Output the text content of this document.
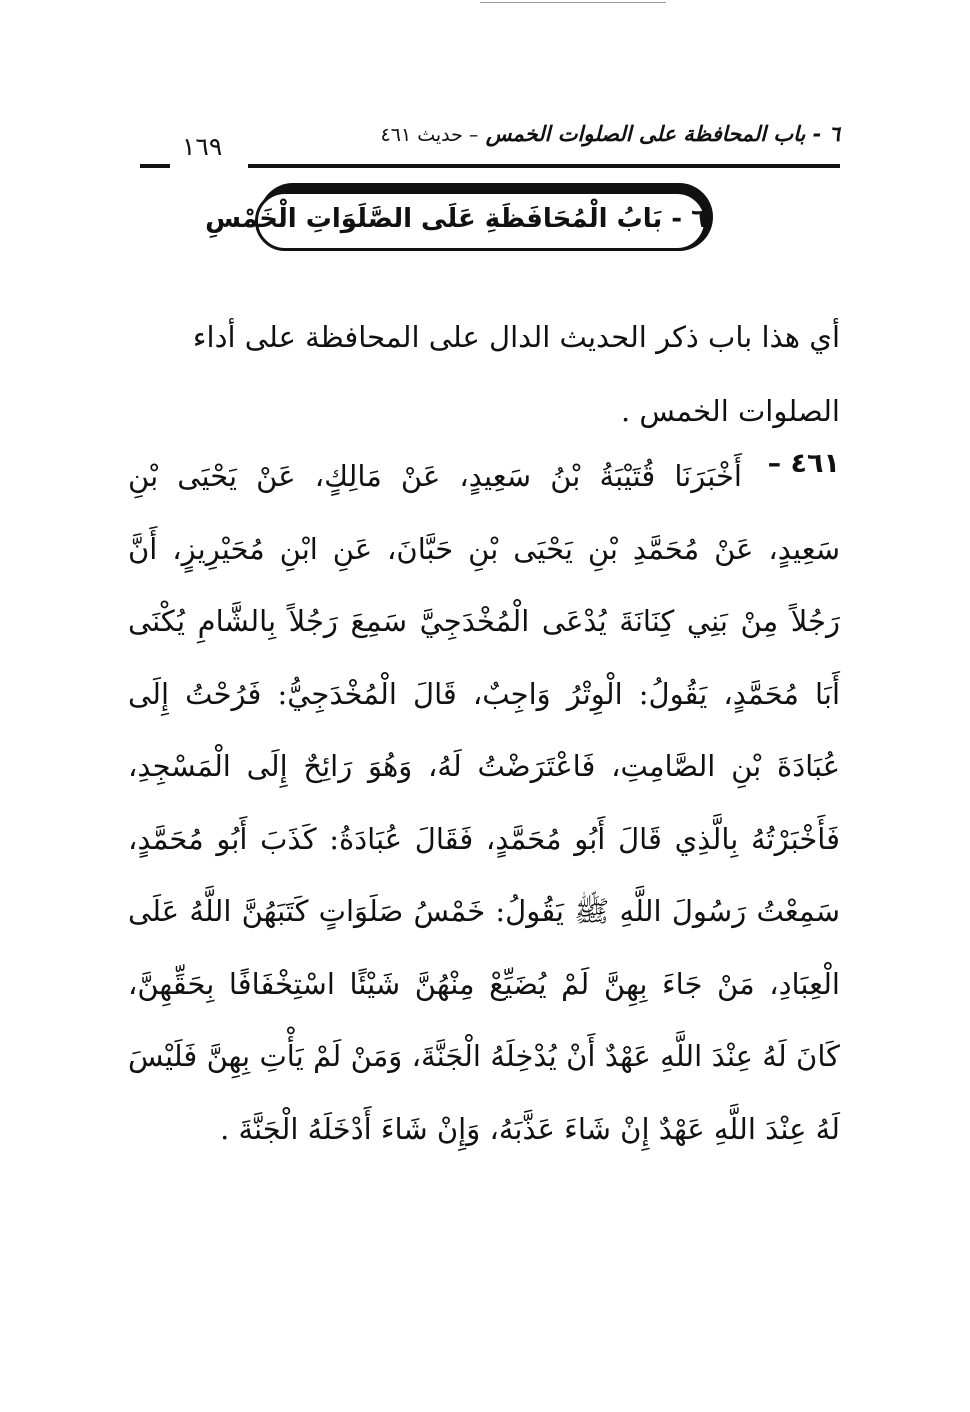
٦ - باب المحافظة على الصلوات الخمس – حديث ٤٦١
١٦٩
٦ - بَابُ الْمُحَافَظَةِ عَلَى الصَّلَوَاتِ الْخَمْسِ
أي هذا باب ذكر الحديث الدال على المحافظة على أداء الصلوات الخمس .
٤٦١ –

أَخْبَرَنَا قُتَيْبَةُ بْنُ سَعِيدٍ، عَنْ مَالِكٍ، عَنْ يَحْيَى بْنِ سَعِيدٍ، عَنْ مُحَمَّدِ بْنِ يَحْيَى بْنِ حَبَّانَ، عَنِ ابْنِ مُحَيْرِيزٍ، أَنَّ رَجُلاً مِنْ بَنِي كِنَانَةَ يُدْعَى الْمُخْدَجِيَّ سَمِعَ رَجُلاً بِالشَّامِ يُكْنَى أَبَا مُحَمَّدٍ، يَقُولُ: الْوِتْرُ وَاجِبٌ، قَالَ الْمُخْدَجِيُّ: فَرُحْتُ إِلَى عُبَادَةَ بْنِ الصَّامِتِ، فَاعْتَرَضْتُ لَهُ، وَهُوَ رَائِحٌ إِلَى الْمَسْجِدِ، فَأَخْبَرْتُهُ بِالَّذِي قَالَ أَبُو مُحَمَّدٍ، فَقَالَ عُبَادَةُ: كَذَبَ أَبُو مُحَمَّدٍ، سَمِعْتُ رَسُولَ اللَّهِ ﷺ يَقُولُ: خَمْسُ صَلَوَاتٍ كَتَبَهُنَّ اللَّهُ عَلَى الْعِبَادِ، مَنْ جَاءَ بِهِنَّ لَمْ يُضَيِّعْ مِنْهُنَّ شَيْئًا اسْتِخْفَافًا بِحَقِّهِنَّ، كَانَ لَهُ عِنْدَ اللَّهِ عَهْدٌ أَنْ يُدْخِلَهُ الْجَنَّةَ، وَمَنْ لَمْ يَأْتِ بِهِنَّ فَلَيْسَ لَهُ عِنْدَ اللَّهِ عَهْدٌ إِنْ شَاءَ عَذَّبَهُ، وَإِنْ شَاءَ أَدْخَلَهُ الْجَنَّةَ .
